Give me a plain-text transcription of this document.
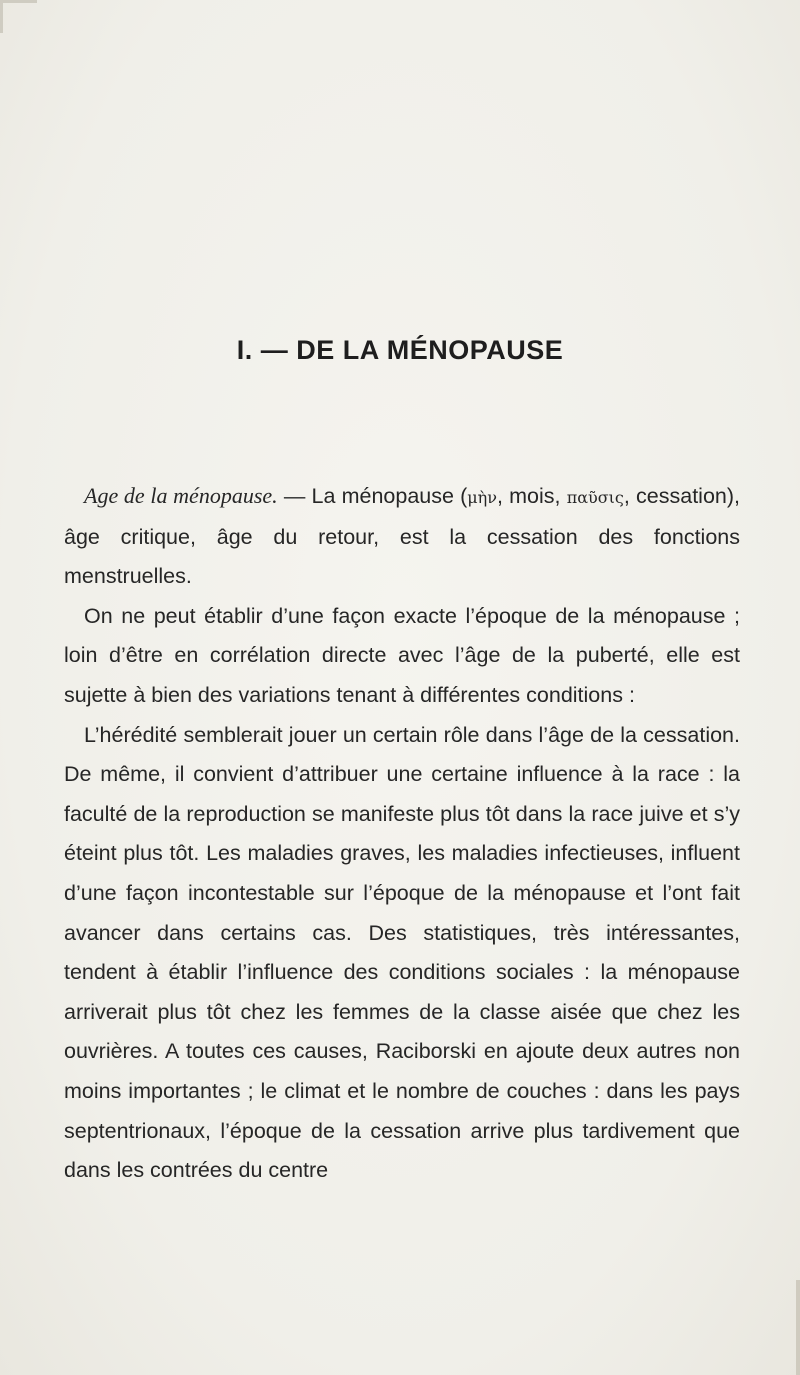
I. — DE LA MÉNOPAUSE

Age de la ménopause. — La ménopause (μὴν, mois, παῦσις, cessation), âge critique, âge du retour, est la cessation des fonctions menstruelles.

On ne peut établir d’une façon exacte l’époque de la ménopause ; loin d’être en corrélation directe avec l’âge de la puberté, elle est sujette à bien des variations tenant à différentes conditions :

L’hérédité semblerait jouer un certain rôle dans l’âge de la cessation. De même, il convient d’attribuer une certaine influence à la race : la faculté de la reproduction se manifeste plus tôt dans la race juive et s’y éteint plus tôt. Les maladies graves, les maladies infectieuses, influent d’une façon incontestable sur l’époque de la ménopause et l’ont fait avancer dans certains cas. Des statistiques, très intéressantes, tendent à établir l’influence des conditions sociales : la ménopause arriverait plus tôt chez les femmes de la classe aisée que chez les ouvrières. A toutes ces causes, Raciborski en ajoute deux autres non moins importantes ; le climat et le nombre de couches : dans les pays septentrionaux, l’époque de la cessation arrive plus tardivement que dans les contrées du centre
